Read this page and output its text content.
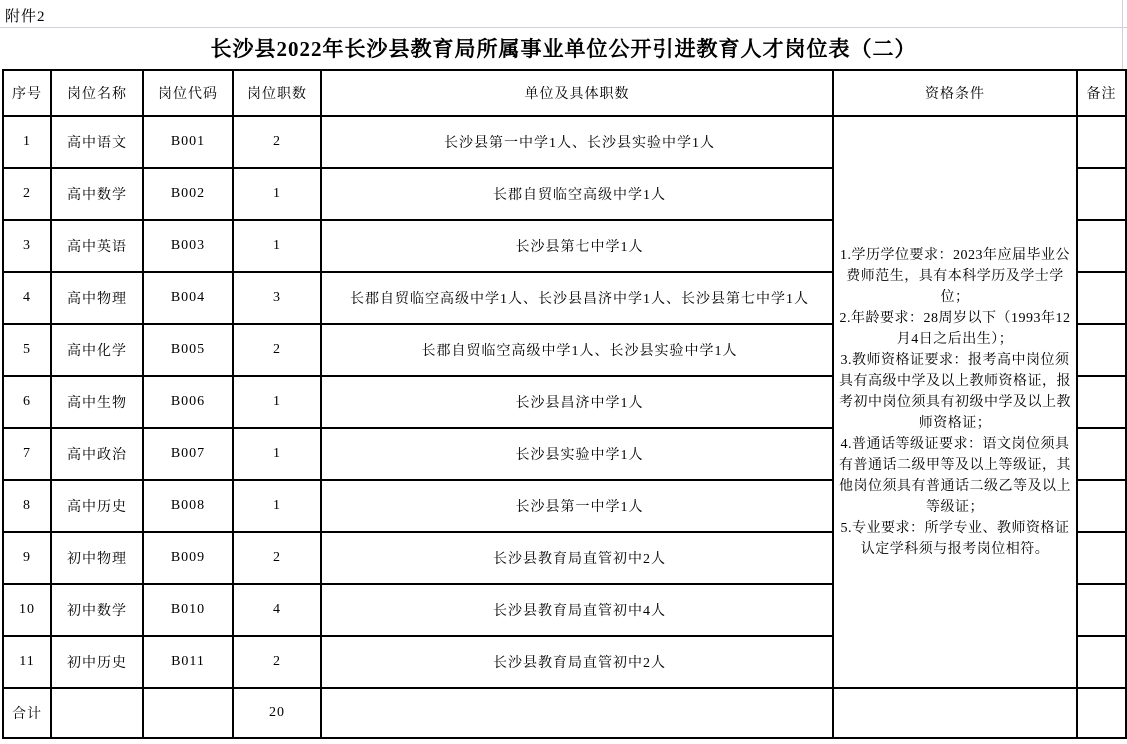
附件2
长沙县2022年长沙县教育局所属事业单位公开引进教育人才岗位表（二）
序号	岗位名称	岗位代码	岗位职数	单位及具体职数	资格条件	备注
1	高中语文	B001	2	长沙县第一中学1人、长沙县实验中学1人	1.学历学位要求：2023年应届毕业公费师范生，具有本科学历及学士学位；

2.年龄要求：28周岁以下（1993年12月4日之后出生）；

3.教师资格证要求：报考高中岗位须具有高级中学及以上教师资格证，报考初中岗位须具有初级中学及以上教师资格证；

4.普通话等级证要求：语文岗位须具有普通话二级甲等及以上等级证，其他岗位须具有普通话二级乙等及以上等级证；

5.专业要求：所学专业、教师资格证认定学科须与报考岗位相符。	

2	高中数学	B002	1	长郡自贸临空高级中学1人		
3	高中英语	B003	1	长沙县第七中学1人		
4	高中物理	B004	3	长郡自贸临空高级中学1人、长沙县昌济中学1人、长沙县第七中学1人		
5	高中化学	B005	2	长郡自贸临空高级中学1人、长沙县实验中学1人		
6	高中生物	B006	1	长沙县昌济中学1人		
7	高中政治	B007	1	长沙县实验中学1人		
8	高中历史	B008	1	长沙县第一中学1人		
9	初中物理	B009	2	长沙县教育局直管初中2人		
10	初中数学	B010	4	长沙县教育局直管初中4人		
11	初中历史	B011	2	长沙县教育局直管初中2人		
合计			20			
